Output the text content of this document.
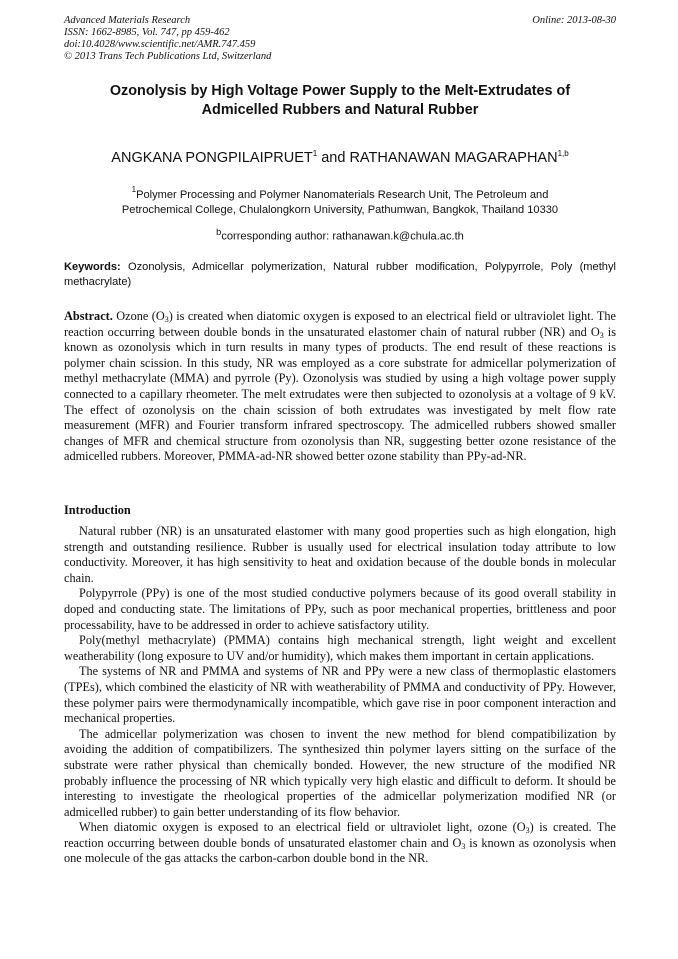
Advanced Materials Research
ISSN: 1662-8985, Vol. 747, pp 459-462
doi:10.4028/www.scientific.net/AMR.747.459
© 2013 Trans Tech Publications Ltd, Switzerland
Online: 2013-08-30
Ozonolysis by High Voltage Power Supply to the Melt-Extrudates of
Admicelled Rubbers and Natural Rubber
ANGKANA PONGPILAIPRUET$^1$ and RATHANAWAN MAGARAPHAN$^{1,b}$
$^1$Polymer Processing and Polymer Nanomaterials Research Unit, The Petroleum and
Petrochemical College, Chulalongkorn University, Pathumwan, Bangkok, Thailand 10330
$^b$corresponding author: rathanawan.k@chula.ac.th
Keywords: Ozonolysis, Admicellar polymerization, Natural rubber modification, Polypyrrole, Poly (methyl methacrylate)
Abstract. Ozone $(O_3)$ is created when diatomic oxygen is exposed to an electrical field or ultraviolet light. The reaction occurring between double bonds in the unsaturated elastomer chain of natural rubber (NR) and $O_3$ is known as ozonolysis which in turn results in many types of products. The end result of these reactions is polymer chain scission. In this study, NR was employed as a core substrate for admicellar polymerization of methyl methacrylate (MMA) and pyrrole (Py). Ozonolysis was studied by using a high voltage power supply connected to a capillary rheometer. The melt extrudates were then subjected to ozonolysis at a voltage of 9 kV. The effect of ozonolysis on the chain scission of both extrudates was investigated by melt flow rate measurement (MFR) and Fourier transform infrared spectroscopy. The admicelled rubbers showed smaller changes of MFR and chemical structure from ozonolysis than NR, suggesting better ozone resistance of the admicelled rubbers. Moreover, PMMA-ad-NR showed better ozone stability than PPy-ad-NR.
Introduction

Natural rubber (NR) is an unsaturated elastomer with many good properties such as high elongation, high strength and outstanding resilience. Rubber is usually used for electrical insulation today attribute to low conductivity. Moreover, it has high sensitivity to heat and oxidation because of the double bonds in molecular chain.

Polypyrrole (PPy) is one of the most studied conductive polymers because of its good overall stability in doped and conducting state. The limitations of PPy, such as poor mechanical properties, brittleness and poor processability, have to be addressed in order to achieve satisfactory utility.

Poly(methyl methacrylate) (PMMA) contains high mechanical strength, light weight and excellent weatherability (long exposure to UV and/or humidity), which makes them important in certain applications.

The systems of NR and PMMA and systems of NR and PPy were a new class of thermoplastic elastomers (TPEs), which combined the elasticity of NR with weatherability of PMMA and conductivity of PPy. However, these polymer pairs were thermodynamically incompatible, which gave rise in poor component interaction and mechanical properties.

The admicellar polymerization was chosen to invent the new method for blend compatibilization by avoiding the addition of compatibilizers. The synthesized thin polymer layers sitting on the surface of the substrate were rather physical than chemically bonded. However, the new structure of the modified NR probably influence the processing of NR which typically very high elastic and difficult to deform. It should be interesting to investigate the rheological properties of the admicellar polymerization modified NR (or admicelled rubber) to gain better understanding of its flow behavior.

When diatomic oxygen is exposed to an electrical field or ultraviolet light, ozone $(O_3)$ is created. The reaction occurring between double bonds of unsaturated elastomer chain and $O_3$ is known as ozonolysis when one molecule of the gas attacks the carbon-carbon double bond in the NR.
